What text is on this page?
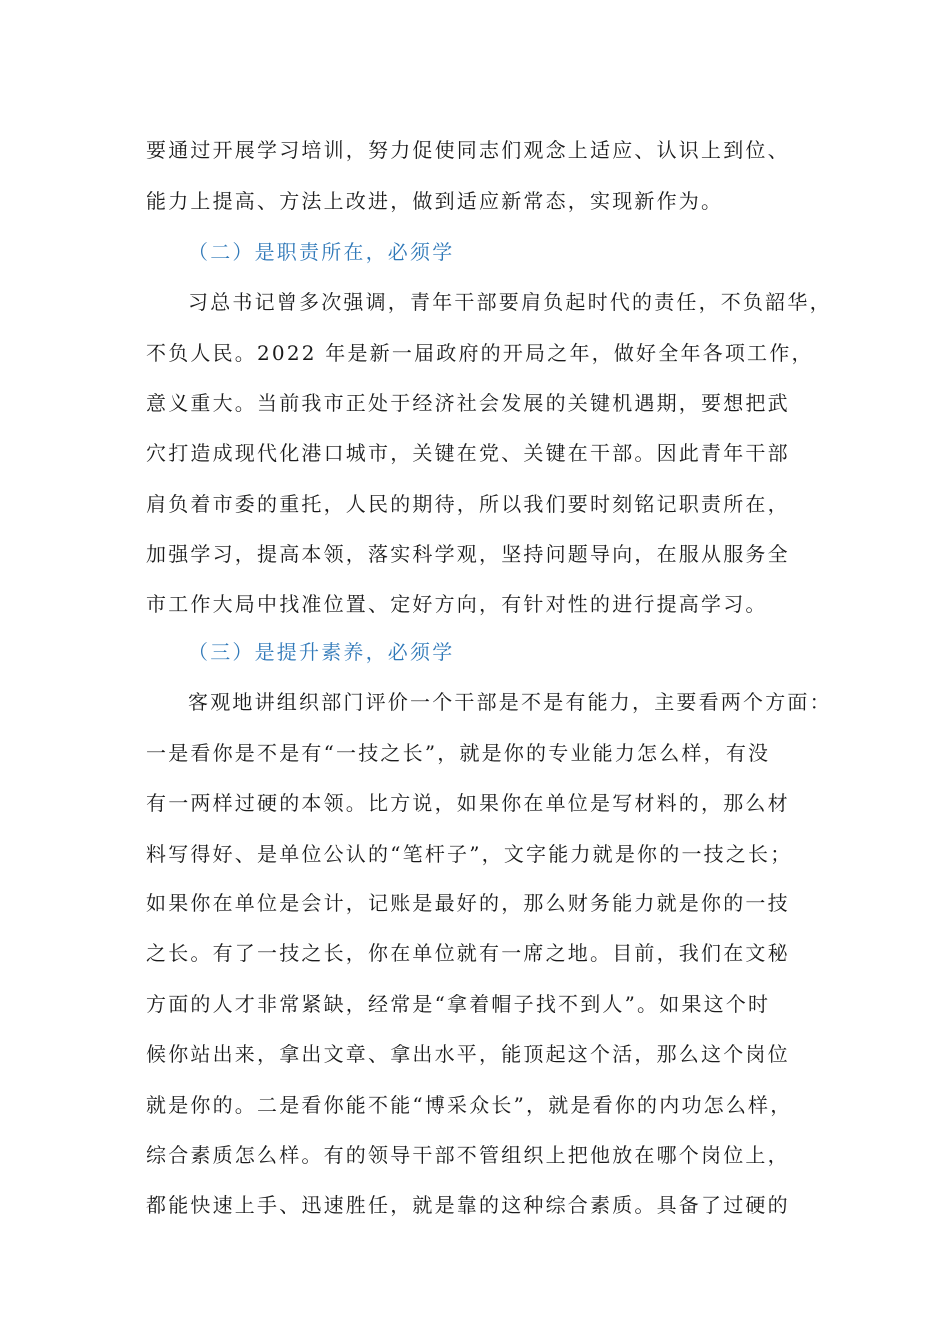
要通过开展学习培训，努力促使同志们观念上适应、认识上到位、
能力上提高、方法上改进，做到适应新常态，实现新作为。
（二）是职责所在，必须学
习总书记曾多次强调，青年干部要肩负起时代的责任，不负韶华，
不负人民。2022 年是新一届政府的开局之年，做好全年各项工作，
意义重大。当前我市正处于经济社会发展的关键机遇期，要想把武
穴打造成现代化港口城市，关键在党、关键在干部。因此青年干部
肩负着市委的重托，人民的期待，所以我们要时刻铭记职责所在，
加强学习，提高本领，落实科学观，坚持问题导向，在服从服务全
市工作大局中找准位置、定好方向，有针对性的进行提高学习。
（三）是提升素养，必须学
客观地讲组织部门评价一个干部是不是有能力，主要看两个方面：
一是看你是不是有“一技之长”，就是你的专业能力怎么样，有没
有一两样过硬的本领。比方说，如果你在单位是写材料的，那么材
料写得好、是单位公认的“笔杆子”，文字能力就是你的一技之长；
如果你在单位是会计，记账是最好的，那么财务能力就是你的一技
之长。有了一技之长，你在单位就有一席之地。目前，我们在文秘
方面的人才非常紧缺，经常是“拿着帽子找不到人”。如果这个时
候你站出来，拿出文章、拿出水平，能顶起这个活，那么这个岗位
就是你的。二是看你能不能“博采众长”，就是看你的内功怎么样，
综合素质怎么样。有的领导干部不管组织上把他放在哪个岗位上，
都能快速上手、迅速胜任，就是靠的这种综合素质。具备了过硬的
